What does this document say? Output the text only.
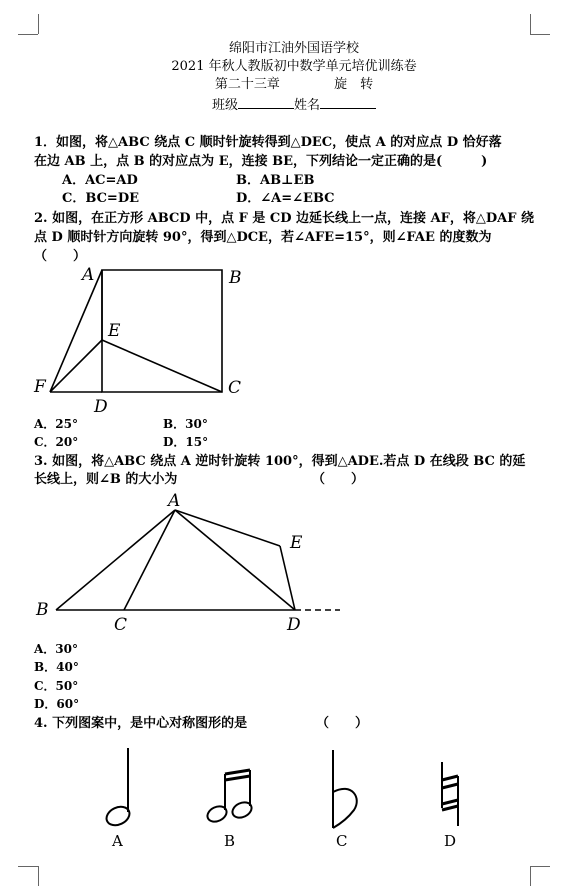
绵阳市江油外国语学校
2021 年秋人教版初中数学单元培优训练卷
第二十三章	旋　转
班级	姓名
1．如图，将△ABC 绕点 C 顺时针旋转得到△DEC，使点 A 的对应点 D 恰好落
在边 AB 上，点 B 的对应点为 E，连接 BE，下列结论一定正确的是(　　　)
A．AC=AD	B．AB⊥EB
C．BC=DE	D．∠A=∠EBC
2. 如图，在正方形 ABCD 中，点 F 是 CD 边延长线上一点，连接 AF，将△DAF 绕
点 D 顺时针方向旋转 90°，得到△DCE，若∠AFE=15°，则∠FAE 的度数为
（　　）
A	B
E
F	C
D
A．25°	B．30°
C．20°	D．15°
3. 如图，将△ABC 绕点 A 逆时针旋转 100°，得到△ADE.若点 D 在线段 BC 的延
长线上，则∠B 的大小为	（　　）
A
E
B
C	D
A．30°
B．40°
C．50°
D．60°
4. 下列图案中，是中心对称图形的是	（　　）
A	B	C	D
